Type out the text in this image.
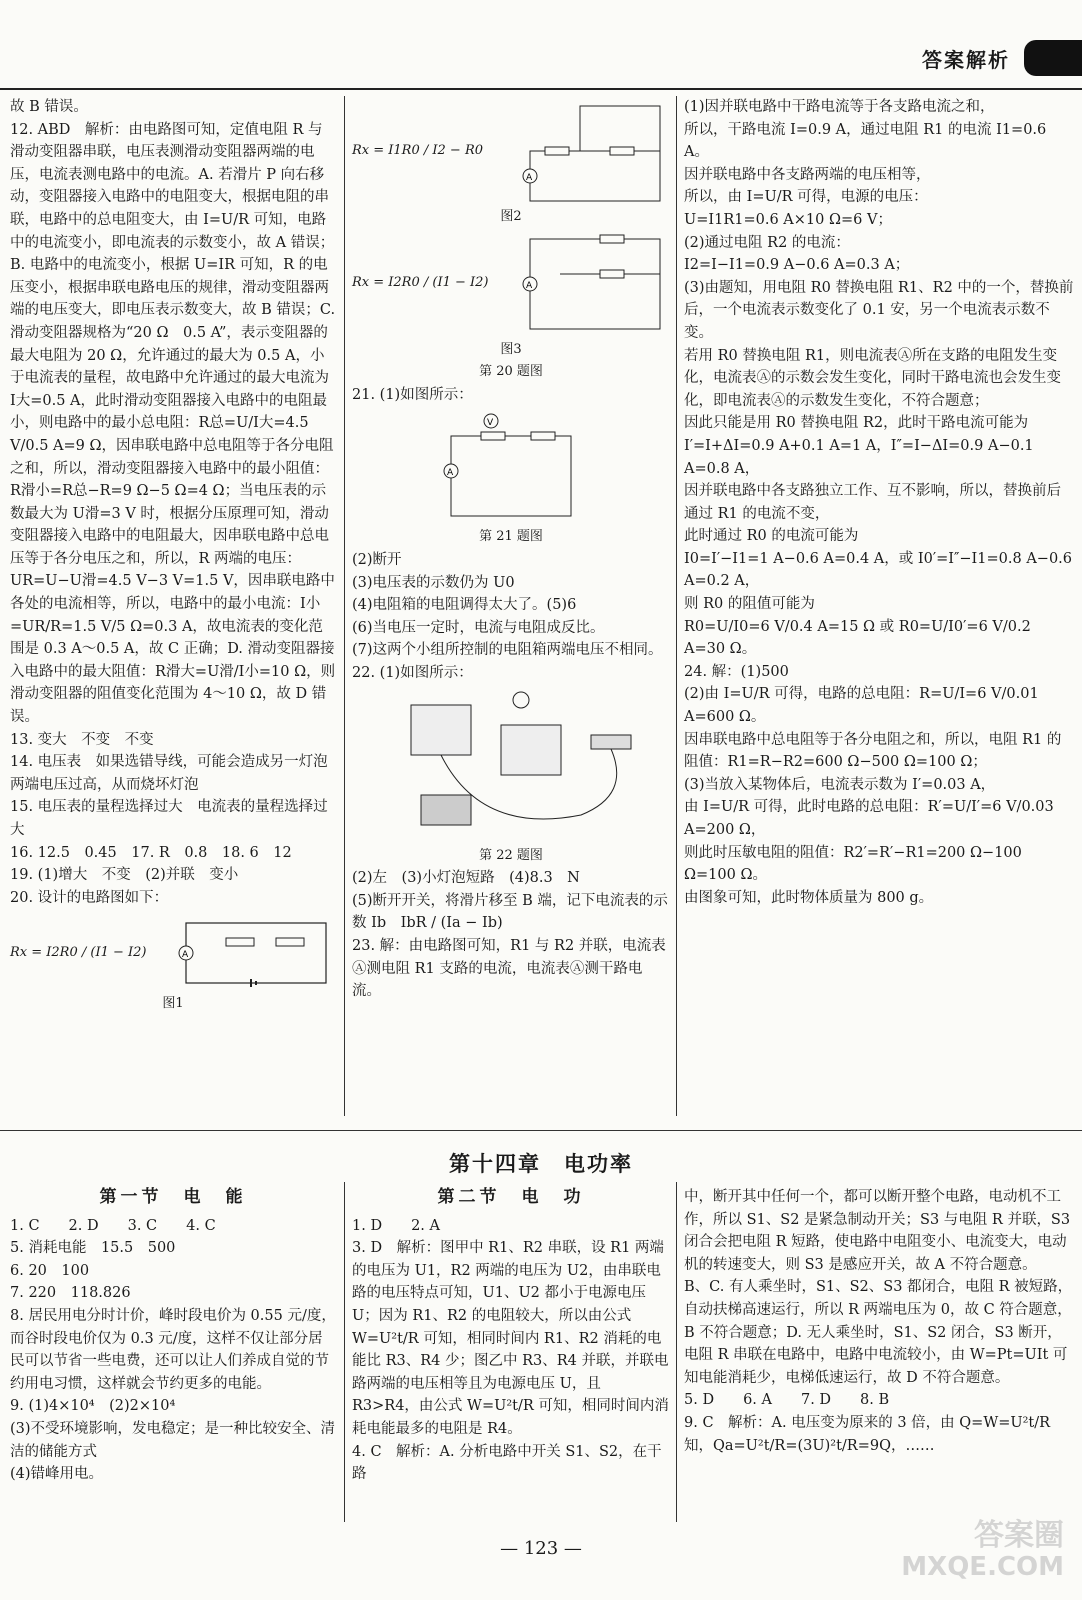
答案解析

故 B 错误。

12. ABD　解析：由电路图可知，定值电阻 R 与滑动变阻器串联，电压表测滑动变阻器两端的电压，电流表测电路中的电流。A. 若滑片 P 向右移动，变阻器接入电路中的电阻变大，根据电阻的串联，电路中的总电阻变大，由 I=U/R 可知，电路中的电流变小，即电流表的示数变小，故 A 错误；B. 电路中的电流变小，根据 U=IR 可知，R 的电压变小，根据串联电路电压的规律，滑动变阻器两端的电压变大，即电压表示数变大，故 B 错误；C. 滑动变阻器规格为“20 Ω　0.5 A”，表示变阻器的最大电阻为 20 Ω，允许通过的最大为 0.5 A，小于电流表的量程，故电路中允许通过的最大电流为 I大=0.5 A，此时滑动变阻器接入电路中的电阻最小，则电路中的最小总电阻：R总=U/I大=4.5 V/0.5 A=9 Ω，因串联电路中总电阻等于各分电阻之和，所以，滑动变阻器接入电路中的最小阻值：R滑小=R总−R=9 Ω−5 Ω=4 Ω；当电压表的示数最大为 U滑=3 V 时，根据分压原理可知，滑动变阻器接入电路中的电阻最大，因串联电路中总电压等于各分电压之和，所以，R 两端的电压：UR=U−U滑=4.5 V−3 V=1.5 V，因串联电路中各处的电流相等，所以，电路中的最小电流：I小=UR/R=1.5 V/5 Ω=0.3 A，故电流表的变化范围是 0.3 A～0.5 A，故 C 正确；D. 滑动变阻器接入电路中的最大阻值：R滑大=U滑/I小=10 Ω，则滑动变阻器的阻值变化范围为 4～10 Ω，故 D 错误。

13. 变大　不变　不变

14. 电压表　如果选错导线，可能会造成另一灯泡两端电压过高，从而烧坏灯泡

15. 电压表的量程选择过大　电流表的量程选择过大

16. 12.5　0.45　17. R　0.8　18. 6　12

19. (1)增大　不变　(2)并联　变小

20. 设计的电路图如下：

Rx = I2R0 / (I1 − I2)	A
图1
Rx = I1R0 / I2 − R0
A
图2
Rx = I2R0 / (I1 − I2)	A
图3
第 20 题图

21. (1)如图所示：

V
A
第 21 题图

(2)断开

(3)电压表的示数仍为 U0

(4)电阻箱的电阻调得太大了。(5)6

(6)当电压一定时，电流与电阻成反比。

(7)这两个小组所控制的电阻箱两端电压不相同。

22. (1)如图所示：

第 22 题图

(2)左　(3)小灯泡短路　(4)8.3　N

(5)断开开关，将滑片移至 B 端，记下电流表的示数 Ib　IbR / (Ia − Ib)

23. 解：由电路图可知，R1 与 R2 并联，电流表Ⓐ测电阻 R1 支路的电流，电流表Ⓐ测干路电流。

(1)因并联电路中干路电流等于各支路电流之和，

所以，干路电流 I=0.9 A，通过电阻 R1 的电流 I1=0.6 A。

因并联电路中各支路两端的电压相等，

所以，由 I=U/R 可得，电源的电压：

U=I1R1=0.6 A×10 Ω=6 V；

(2)通过电阻 R2 的电流：

I2=I−I1=0.9 A−0.6 A=0.3 A；

(3)由题知，用电阻 R0 替换电阻 R1、R2 中的一个，替换前后，一个电流表示数变化了 0.1 安，另一个电流表示数不变。

若用 R0 替换电阻 R1，则电流表Ⓐ所在支路的电阻发生变化，电流表Ⓐ的示数会发生变化，同时干路电流也会发生变化，即电流表Ⓐ的示数发生变化，不符合题意；

因此只能是用 R0 替换电阻 R2，此时干路电流可能为

I′=I+ΔI=0.9 A+0.1 A=1 A，I″=I−ΔI=0.9 A−0.1 A=0.8 A，

因并联电路中各支路独立工作、互不影响，所以，替换前后通过 R1 的电流不变，

此时通过 R0 的电流可能为

I0=I′−I1=1 A−0.6 A=0.4 A，或 I0′=I″−I1=0.8 A−0.6 A=0.2 A，

则 R0 的阻值可能为

R0=U/I0=6 V/0.4 A=15 Ω 或 R0=U/I0′=6 V/0.2 A=30 Ω。

24. 解：(1)500

(2)由 I=U/R 可得，电路的总电阻：R=U/I=6 V/0.01 A=600 Ω。

因串联电路中总电阻等于各分电阻之和，所以，电阻 R1 的阻值：R1=R−R2=600 Ω−500 Ω=100 Ω；

(3)当放入某物体后，电流表示数为 I′=0.03 A，

由 I=U/R 可得，此时电路的总电阻：R′=U/I′=6 V/0.03 A=200 Ω，

则此时压敏电阻的阻值：R2′=R′−R1=200 Ω−100 Ω=100 Ω。

由图象可知，此时物体质量为 800 g。

第十四章　电功率
第一节　电　能

1. C　　2. D　　3. C　　4. C

5. 消耗电能　15.5　500

6. 20　100

7. 220　118.826

8. 居民用电分时计价，峰时段电价为 0.55 元/度，而谷时段电价仅为 0.3 元/度，这样不仅让部分居民可以节省一些电费，还可以让人们养成自觉的节约用电习惯，这样就会节约更多的电能。

9. (1)4×10⁴　(2)2×10⁴

(3)不受环境影响，发电稳定；是一种比较安全、清洁的储能方式

(4)错峰用电。

第二节　电　功

1. D　　2. A

3. D　解析：图甲中 R1、R2 串联，设 R1 两端的电压为 U1，R2 两端的电压为 U2，由串联电路的电压特点可知，U1、U2 都小于电源电压 U；因为 R1、R2 的电阻较大，所以由公式 W=U²t/R 可知，相同时间内 R1、R2 消耗的电能比 R3、R4 少；图乙中 R3、R4 并联，并联电路两端的电压相等且为电源电压 U，且 R3>R4，由公式 W=U²t/R 可知，相同时间内消耗电能最多的电阻是 R4。

4. C　解析：A. 分析电路中开关 S1、S2，在干路

中，断开其中任何一个，都可以断开整个电路，电动机不工作，所以 S1、S2 是紧急制动开关；S3 与电阻 R 并联，S3 闭合会把电阻 R 短路，使电路中电阻变小、电流变大，电动机的转速变大，则 S3 是感应开关，故 A 不符合题意。

B、C. 有人乘坐时，S1、S2、S3 都闭合，电阻 R 被短路，自动扶梯高速运行，所以 R 两端电压为 0，故 C 符合题意，B 不符合题意；D. 无人乘坐时，S1、S2 闭合，S3 断开，电阻 R 串联在电路中，电路中电流较小，由 W=Pt=UIt 可知电能消耗少，电梯低速运行，故 D 不符合题意。

5. D　　6. A　　7. D　　8. B

9. C　解析：A. 电压变为原来的 3 倍，由 Q=W=U²t/R 知，Qa=U²t/R=(3U)²t/R=9Q，……

— 123 —	答案圈
MXQE.COM
